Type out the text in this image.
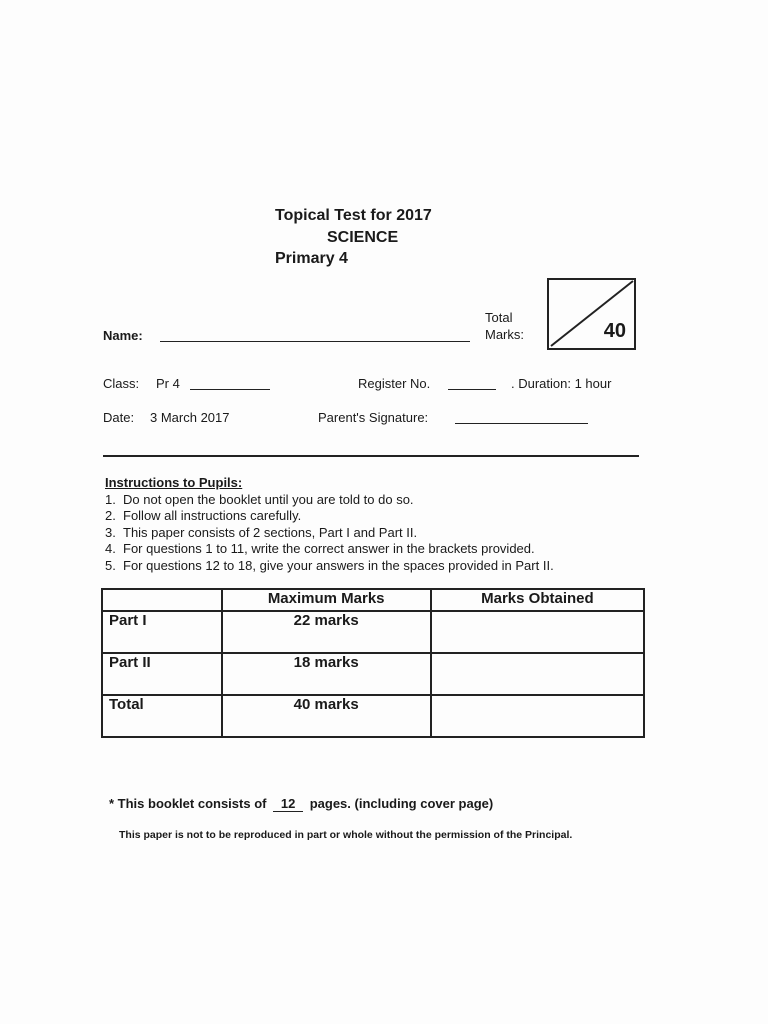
Topical Test for 2017
SCIENCE
Primary 4
Total
Marks:	40
Name:
Class: Pr 4	Register No.	. Duration: 1 hour
Date: 3 March 2017	Parent's Signature:
Instructions to Pupils:
1. Do not open the booklet until you are told to do so.
2. Follow all instructions carefully.
3. This paper consists of 2 sections, Part I and Part II.
4. For questions 1 to 11, write the correct answer in the brackets provided.
5. For questions 12 to 18, give your answers in the spaces provided in Part II.
	Maximum Marks	Marks Obtained
Part I	22 marks	
Part II	18 marks	
Total	40 marks	
* This booklet consists of 12 pages. (including cover page)
This paper is not to be reproduced in part or whole without the permission of the Principal.
